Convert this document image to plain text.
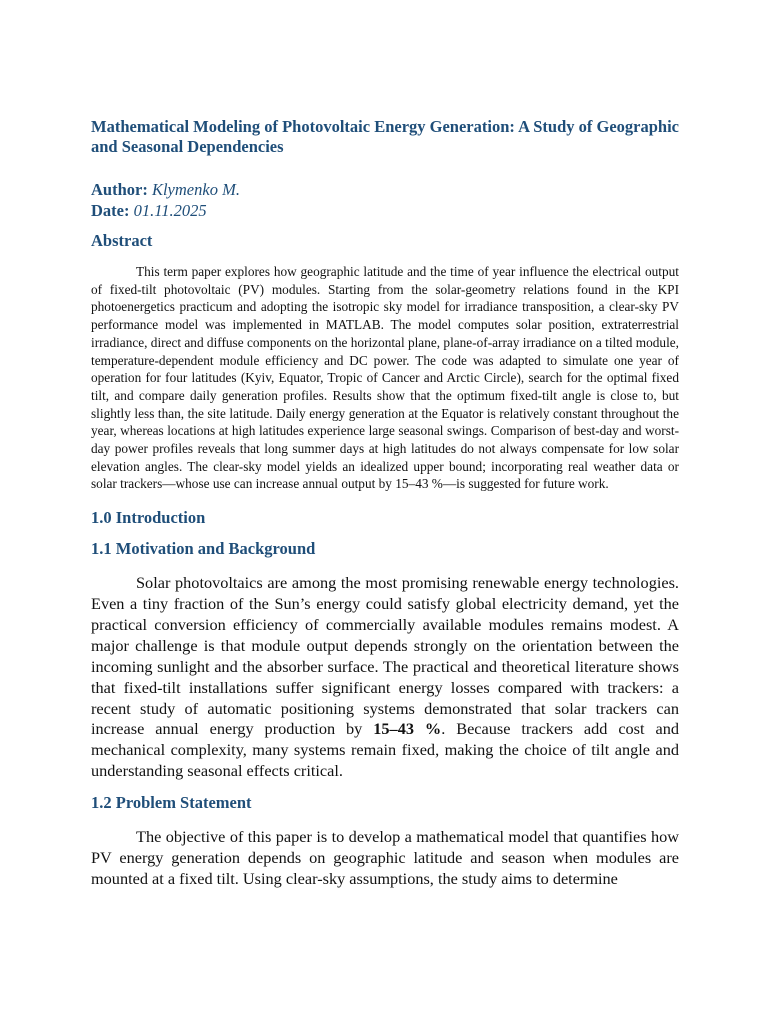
Mathematical Modeling of Photovoltaic Energy Generation: A Study of Geographic and Seasonal Dependencies

Author: Klymenko M.

Date: 01.11.2025

Abstract

This term paper explores how geographic latitude and the time of year influence the electrical output of fixed-tilt photovoltaic (PV) modules. Starting from the solar-geometry relations found in the KPI photoenergetics practicum and adopting the isotropic sky model for irradiance transposition, a clear-sky PV performance model was implemented in MATLAB. The model computes solar position, extraterrestrial irradiance, direct and diffuse components on the horizontal plane, plane-of-array irradiance on a tilted module, temperature-dependent module efficiency and DC power. The code was adapted to simulate one year of operation for four latitudes (Kyiv, Equator, Tropic of Cancer and Arctic Circle), search for the optimal fixed tilt, and compare daily generation profiles. Results show that the optimum fixed-tilt angle is close to, but slightly less than, the site latitude. Daily energy generation at the Equator is relatively constant throughout the year, whereas locations at high latitudes experience large seasonal swings. Comparison of best-day and worst-day power profiles reveals that long summer days at high latitudes do not always compensate for low solar elevation angles. The clear-sky model yields an idealized upper bound; incorporating real weather data or solar trackers—whose use can increase annual output by 15–43 %—is suggested for future work.

1.0 Introduction
1.1 Motivation and Background

Solar photovoltaics are among the most promising renewable energy technologies. Even a tiny fraction of the Sun’s energy could satisfy global electricity demand, yet the practical conversion efficiency of commercially available modules remains modest. A major challenge is that module output depends strongly on the orientation between the incoming sunlight and the absorber surface. The practical and theoretical literature shows that fixed-tilt installations suffer significant energy losses compared with trackers: a recent study of automatic positioning systems demonstrated that solar trackers can increase annual energy production by 15–43 %. Because trackers add cost and mechanical complexity, many systems remain fixed, making the choice of tilt angle and understanding seasonal effects critical.

1.2 Problem Statement

The objective of this paper is to develop a mathematical model that quantifies how PV energy generation depends on geographic latitude and season when modules are mounted at a fixed tilt. Using clear-sky assumptions, the study aims to determine
